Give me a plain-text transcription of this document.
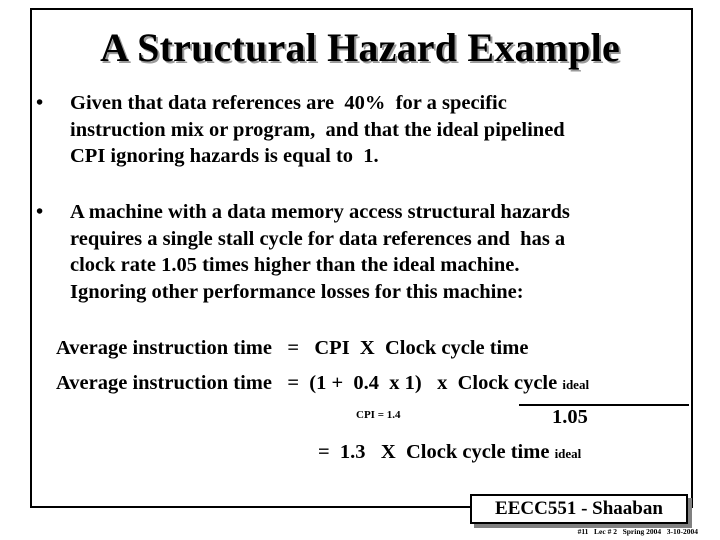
A Structural Hazard Example
• Given that data references are  40%  for a specific
instruction mix or program,  and that the ideal pipelined
CPI ignoring hazards is equal to  1.
• A machine with a data memory access structural hazards
requires a single stall cycle for data references and  has a
clock rate 1.05 times higher than the ideal machine.
Ignoring other performance losses for this machine:
Average instruction time   =   CPI  X  Clock cycle time
Average instruction time   =  (1 +  0.4  x 1)   x  Clock cycle ideal
CPI = 1.4	1.05
=  1.3   X  Clock cycle time ideal
EECC551 - Shaaban
#11   Lec # 2   Spring 2004   3-10-2004
